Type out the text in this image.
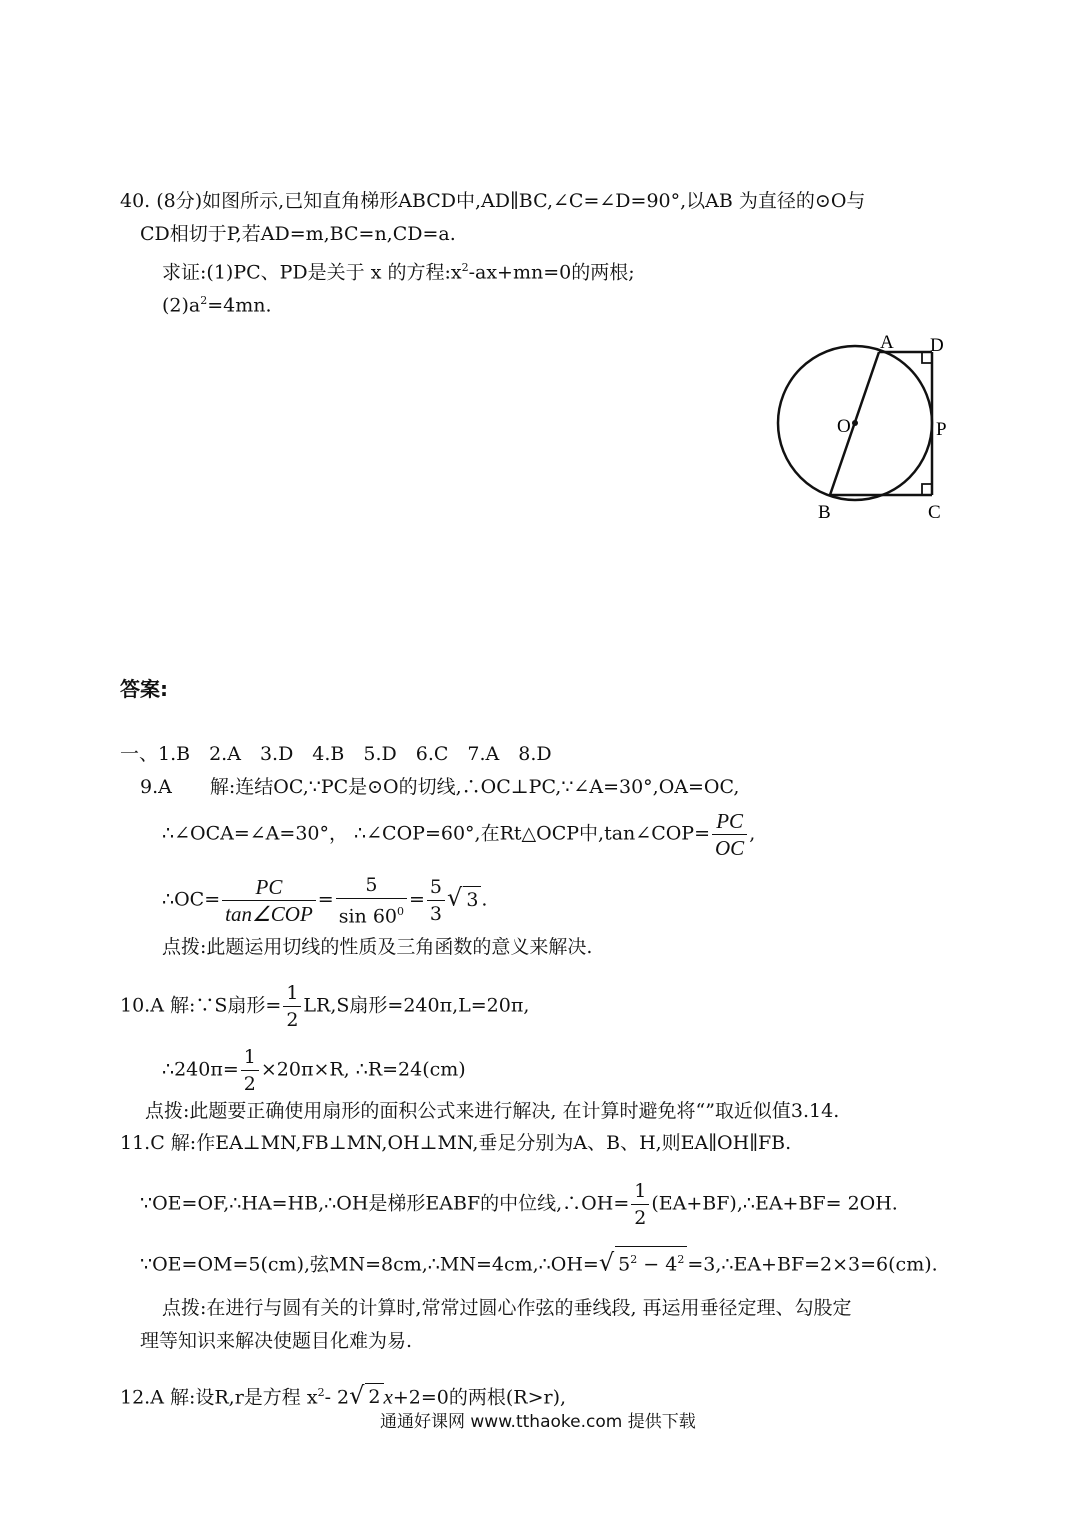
40. (8分)如图所示,已知直角梯形ABCD中,AD∥BC,∠C=∠D=90°,以AB 为直径的⊙O与
CD相切于P,若AD=m,BC=n,CD=a.
求证:(1)PC、PD是关于 x 的方程$:x^2-ax+mn=0$的两根;
$(2)a^2=4mn$.
A D
O	P
B	C
答案:
一、1.B　2.A　3.D　4.B　5.D　6.C　7.A　8.D
9.A　　解:连结OC,∵PC是⊙O的切线,∴OC⊥PC,∵∠A=30°,OA=OC,
∴∠OCA=∠A=30°， ∴∠COP=60°,在Rt△OCP中,tan∠COP= $\frac{PC}{OC}$ ,
∴OC= $\frac{PC}{\text{tan∠COP}} = \frac{5}{\sin 60^0} = \frac{5}{3}$ √ 3 .
点拨:此题运用切线的性质及三角函数的意义来解决.
10.A 解:∵S扇形= $\frac{1}{2} LR,S$扇形=240π,L=20π,
∴240π= $\frac{1}{2} \times 20\pi\times R$, ∴R=24(cm)
点拨:此题要正确使用扇形的面积公式来进行解决, 在计算时避免将“”取近似值3.14.
11.C 解:作EA⊥MN,FB⊥MN,OH⊥MN,垂足分别为A、B、H,则EA∥OH∥FB.
∵OE=OF,∴HA=HB,∴OH是梯形EABF的中位线,∴OH= $\frac{1}{2}$ (EA+BF),∴EA+BF= 2OH.
∵OE=OM=5(cm),弦MN=8cm,∴MN=4cm,∴OH=√ $5^2 - 4^2$ =3,∴EA+BF=2×3=6(cm).
点拨:在进行与圆有关的计算时,常常过圆心作弦的垂线段, 再运用垂径定理、勾股定
理等知识来解决使题目化难为易.
12.A 解:设R,r是方程 $x^2-$ 2√ 2 x+2=0的两根(R>r),
通通好课网 www.tthaoke.com 提供下载
